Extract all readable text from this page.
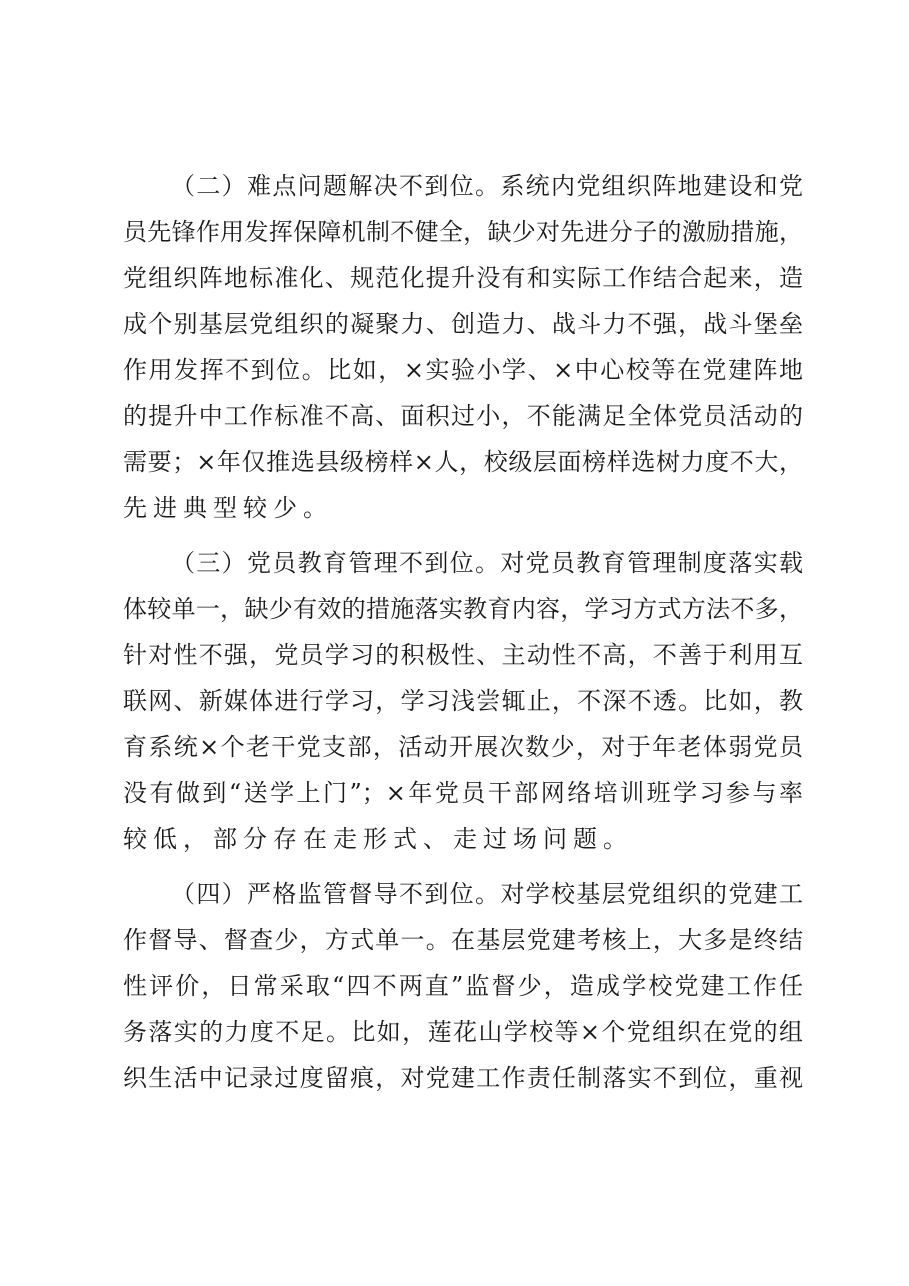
（二）难点问题解决不到位。系统内党组织阵地建设和党
员先锋作用发挥保障机制不健全，缺少对先进分子的激励措施，
党组织阵地标准化、规范化提升没有和实际工作结合起来，造
成个别基层党组织的凝聚力、创造力、战斗力不强，战斗堡垒
作用发挥不到位。比如，×实验小学、×中心校等在党建阵地
的提升中工作标准不高、面积过小，不能满足全体党员活动的
需要；×年仅推选县级榜样×人，校级层面榜样选树力度不大，
先进典型较少。
（三）党员教育管理不到位。对党员教育管理制度落实载
体较单一，缺少有效的措施落实教育内容，学习方式方法不多，
针对性不强，党员学习的积极性、主动性不高，不善于利用互
联网、新媒体进行学习，学习浅尝辄止，不深不透。比如，教
育系统×个老干党支部，活动开展次数少，对于年老体弱党员
没有做到“送学上门”；×年党员干部网络培训班学习参与率
较低，部分存在走形式、走过场问题。
（四）严格监管督导不到位。对学校基层党组织的党建工
作督导、督查少，方式单一。在基层党建考核上，大多是终结
性评价，日常采取“四不两直”监督少，造成学校党建工作任
务落实的力度不足。比如，莲花山学校等×个党组织在党的组
织生活中记录过度留痕，对党建工作责任制落实不到位，重视
